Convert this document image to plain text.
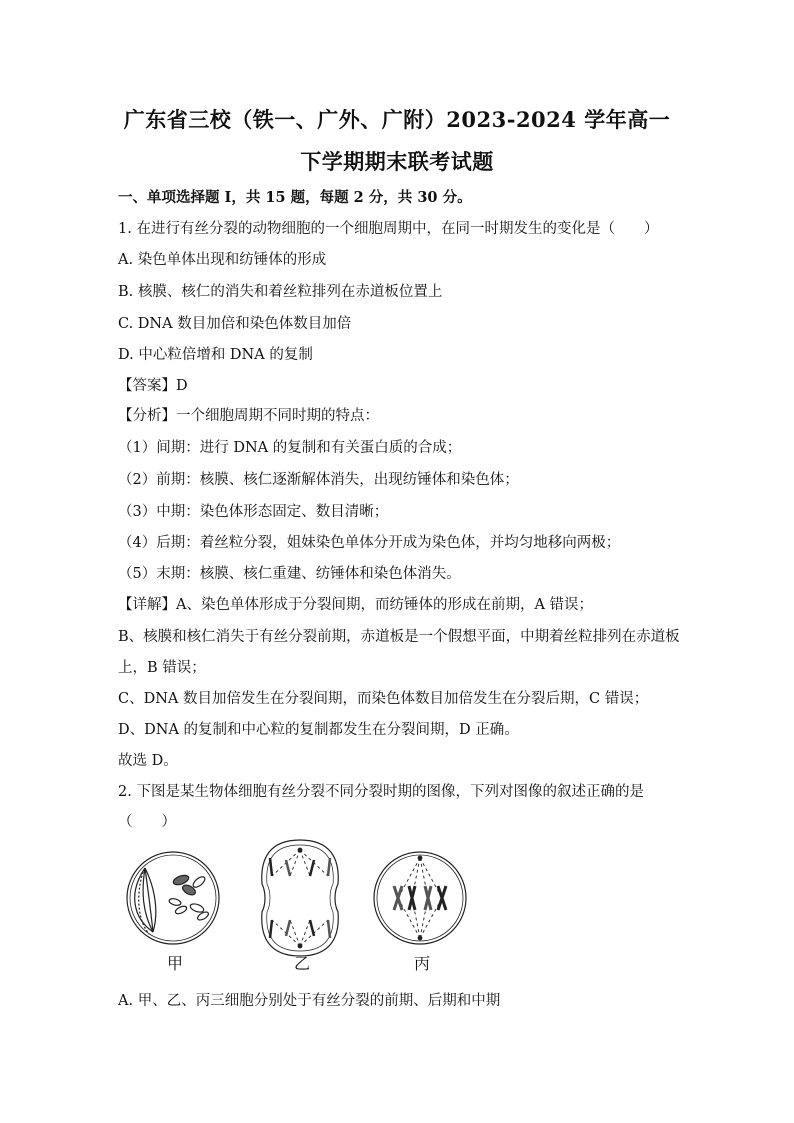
广东省三校（铁一、广外、广附）2023-2024 学年高一
下学期期末联考试题
一、单项选择题 I，共 15 题，每题 2 分，共 30 分。
1. 在进行有丝分裂的动物细胞的一个细胞周期中，在同一时期发生的变化是（　　）
A. 染色单体出现和纺锤体的形成
B. 核膜、核仁的消失和着丝粒排列在赤道板位置上
C. DNA 数目加倍和染色体数目加倍
D. 中心粒倍增和 DNA 的复制
【答案】D
【分析】一个细胞周期不同时期的特点：
（1）间期：进行 DNA 的复制和有关蛋白质的合成；
（2）前期：核膜、核仁逐渐解体消失，出现纺锤体和染色体；
（3）中期：染色体形态固定、数目清晰；
（4）后期：着丝粒分裂，姐妹染色单体分开成为染色体，并均匀地移向两极；
（5）末期：核膜、核仁重建、纺锤体和染色体消失。
【详解】A、染色单体形成于分裂间期，而纺锤体的形成在前期，A 错误；
B、核膜和核仁消失于有丝分裂前期，赤道板是一个假想平面，中期着丝粒排列在赤道板
上，B 错误；
C、DNA 数目加倍发生在分裂间期，而染色体数目加倍发生在分裂后期，C 错误；
D、DNA 的复制和中心粒的复制都发生在分裂间期，D 正确。
故选 D。
2. 下图是某生物体细胞有丝分裂不同分裂时期的图像，下列对图像的叙述正确的是
（　　）
甲	乙	丙
A. 甲、乙、丙三细胞分别处于有丝分裂的前期、后期和中期
